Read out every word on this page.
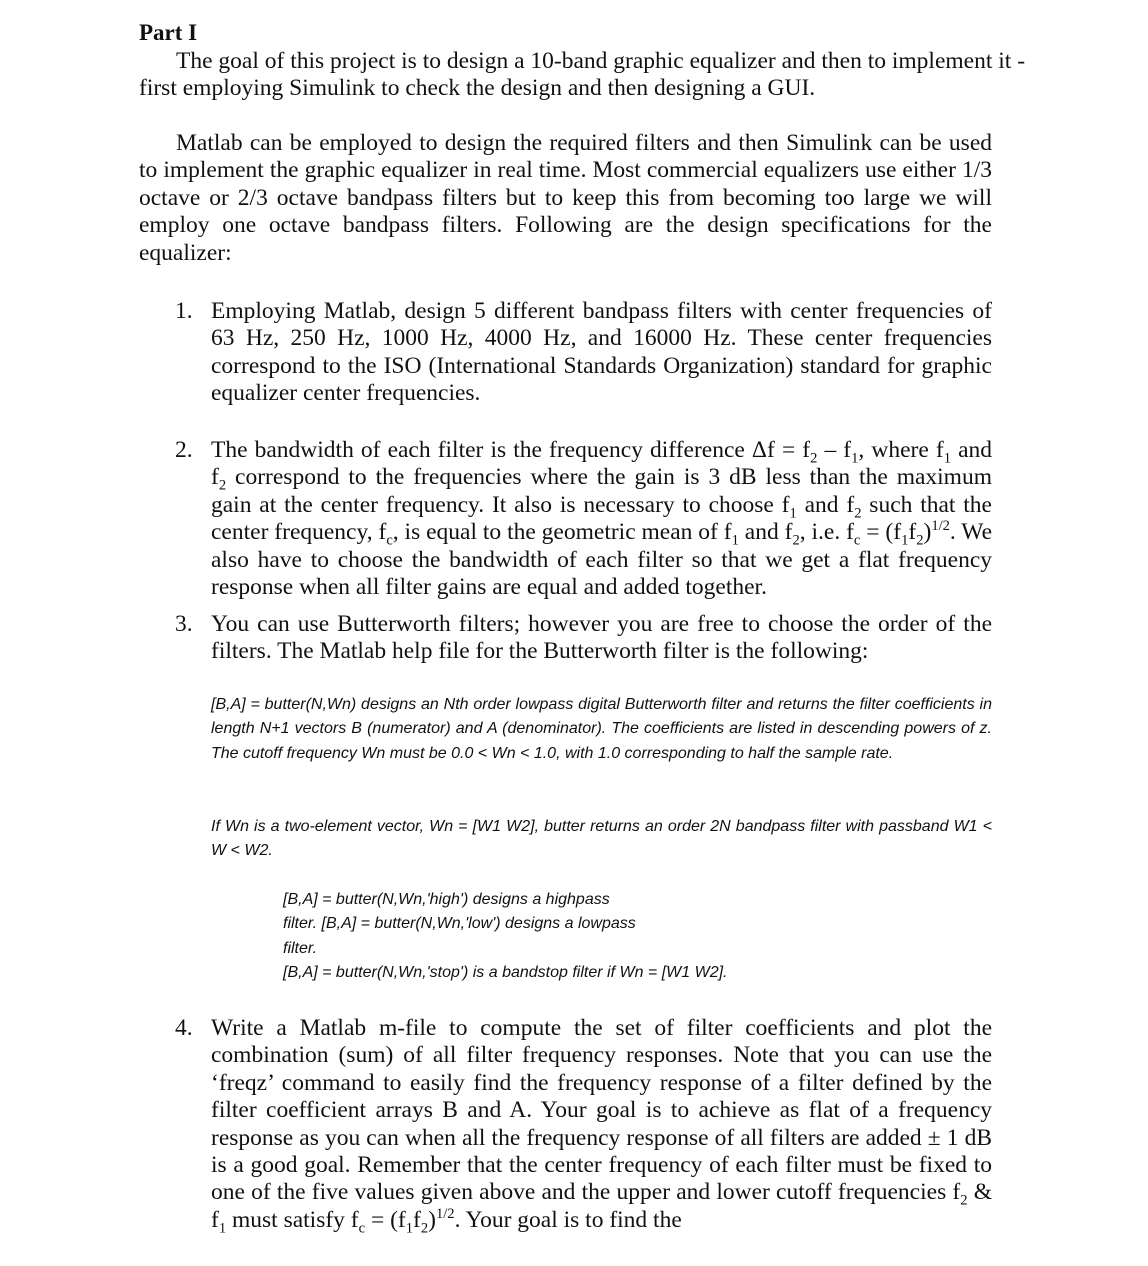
Part I

The goal of this project is to design a 10-band graphic equalizer and then to implement it - first employing Simulink to check the design and then designing a GUI.

Matlab can be employed to design the required filters and then Simulink can be used to implement the graphic equalizer in real time. Most commercial equalizers use either 1/3 octave or 2/3 octave bandpass filters but to keep this from becoming too large we will employ one octave bandpass filters. Following are the design specifications for the equalizer:

1. Employing Matlab, design 5 different bandpass filters with center frequencies of 63 Hz, 250 Hz, 1000 Hz, 4000 Hz, and 16000 Hz. These center frequencies correspond to the ISO (International Standards Organization) standard for graphic equalizer center frequencies.

2. The bandwidth of each filter is the frequency difference $\Delta f = f_2 - f_1$, where $f_1$ and $f_2$ correspond to the frequencies where the gain is 3 dB less than the maximum gain at the center frequency. It also is necessary to choose $f_1$ and $f_2$ such that the center frequency, $f_c$, is equal to the geometric mean of $f_1$ and $f_2$, i.e. $f_c = (f_1f_2)^{1/2}$. We also have to choose the bandwidth of each filter so that we get a flat frequency response when all filter gains are equal and added together.

3. You can use Butterworth filters; however you are free to choose the order of the filters. The Matlab help file for the Butterworth filter is the following:

[B,A] = butter(N,Wn) designs an Nth order lowpass digital Butterworth filter and returns the filter coefficients in length N+1 vectors B (numerator) and A (denominator). The coefficients are listed in descending powers of z. The cutoff frequency Wn must be 0.0 < Wn < 1.0, with 1.0 corresponding to half the sample rate.

If Wn is a two-element vector, Wn = [W1 W2], butter returns an order 2N bandpass filter with passband W1 < W < W2.

[B,A] = butter(N,Wn,'high') designs a highpass
filter. [B,A] = butter(N,Wn,'low') designs a lowpass
filter.
[B,A] = butter(N,Wn,'stop') is a bandstop filter if Wn = [W1 W2].

4. Write a Matlab m-file to compute the set of filter coefficients and plot the combination (sum) of all filter frequency responses. Note that you can use the ‘freqz’ command to easily find the frequency response of a filter defined by the filter coefficient arrays B and A. Your goal is to achieve as flat of a frequency response as you can when all the frequency response of all filters are added ± 1 dB is a good goal. Remember that the center frequency of each filter must be fixed to one of the five values given above and the upper and lower cutoff frequencies $f_2$ & $f_1$ must satisfy $f_c = (f_1f_2)^{1/2}$. Your goal is to find the
